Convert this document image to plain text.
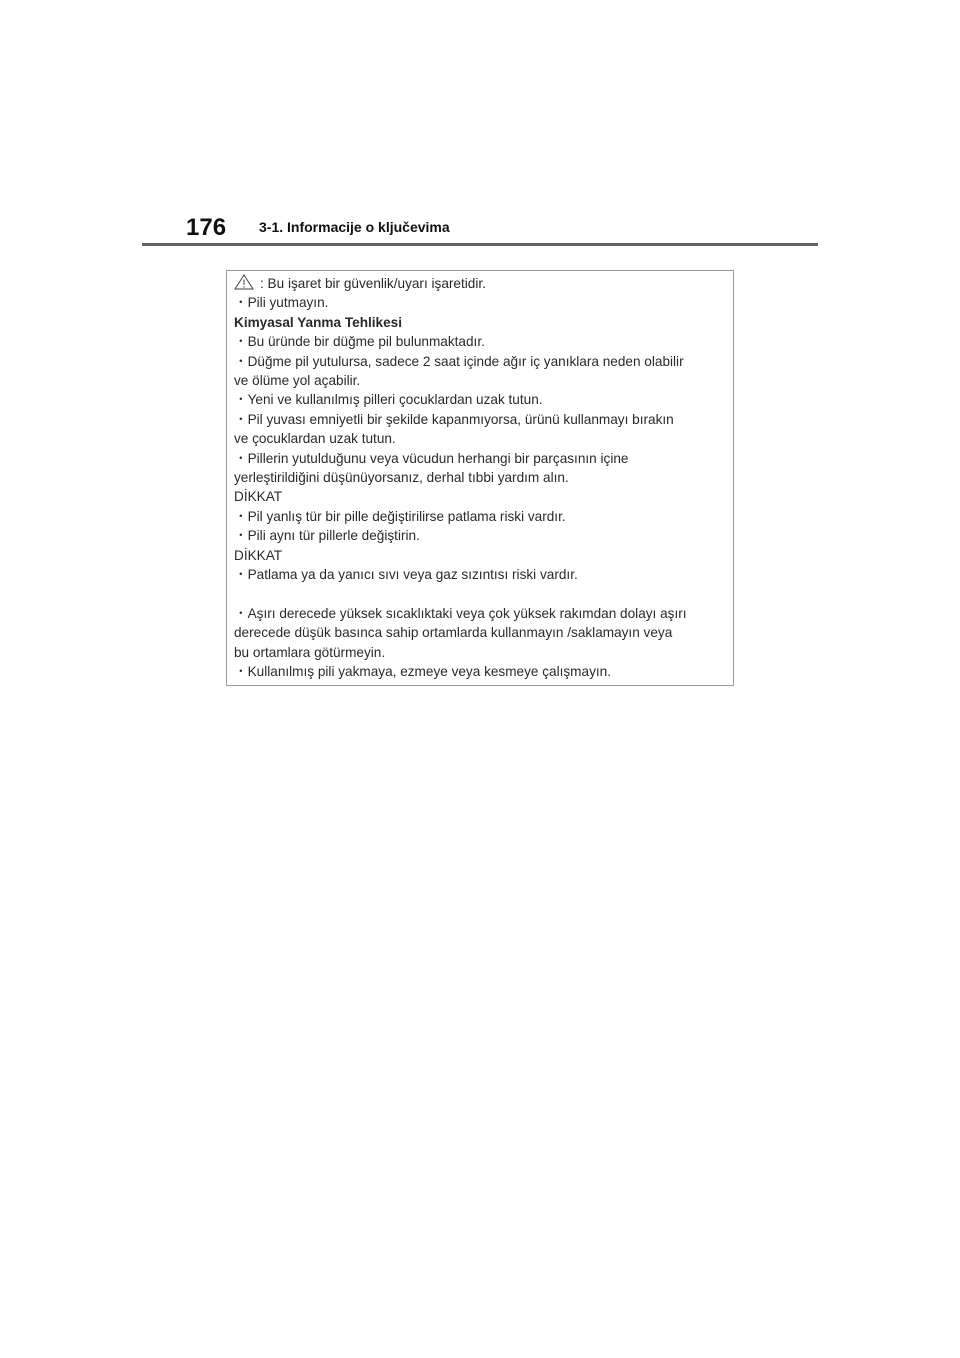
176 3-1. Informacije o ključevima
: Bu işaret bir güvenlik/uyarı işaretidir.
・Pili yutmayın.
Kimyasal Yanma Tehlikesi
・Bu üründe bir düğme pil bulunmaktadır.
・Düğme pil yutulursa, sadece 2 saat içinde ağır iç yanıklara neden olabilir
ve ölüme yol açabilir.
・Yeni ve kullanılmış pilleri çocuklardan uzak tutun.
・Pil yuvası emniyetli bir şekilde kapanmıyorsa, ürünü kullanmayı bırakın
ve çocuklardan uzak tutun.
・Pillerin yutulduğunu veya vücudun herhangi bir parçasının içine
yerleştirildiğini düşünüyorsanız, derhal tıbbi yardım alın.
DİKKAT
・Pil yanlış tür bir pille değiştirilirse patlama riski vardır.
・Pili aynı tür pillerle değiştirin.
DİKKAT
・Patlama ya da yanıcı sıvı veya gaz sızıntısı riski vardır.
・Aşırı derecede yüksek sıcaklıktaki veya çok yüksek rakımdan dolayı aşırı
derecede düşük basınca sahip ortamlarda kullanmayın /saklamayın veya
bu ortamlara götürmeyin.
・Kullanılmış pili yakmaya, ezmeye veya kesmeye çalışmayın.
